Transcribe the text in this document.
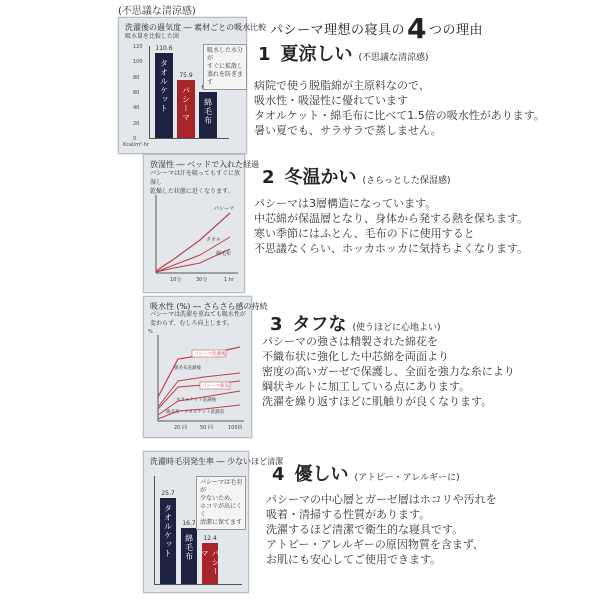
(不思議な清涼感)
パシーマ理想の寝具の4 つの理由
洗濯後の過気度 ― 素材ごとの吸水比較
吸水量を比較した図
120
100
80
60
40
20
0
タオルケット
110.6
パシーマ
75.9
綿毛布
吸水した水分が
すぐに拡散し
蒸れを防ぎます
Kcal/m²·hr
1 夏涼しい (不思議な清涼感)
病院で使う脱脂綿が主原料なので、
吸水性・吸湿性に優れています
タオルケット・綿毛布に比べて1.5倍の吸水性があります。
暑い夏でも、サラサラで蒸しません。
放湿性 ― ベッドで入れた経過
パシーマは汗を吸ってもすぐに放湿し
乾燥した状態に近くなります。
パシーマ
タオル
綿毛布
10分	30分	1 hr
2 冬温かい (さらっとした保湿感)
パシーマは3層構造になっています。
中芯綿が保温層となり、身体から発する熱を保ちます。
寒い季節にはふとん、毛布の下に使用すると
不思議なくらい、ホッカホッカに気持ちよくなります。
吸水性 (%) ― さらさら感の持続
パシーマは洗濯を重ねても吸水性が
変わらず、むしろ向上します。
%
パシーマ洗濯後
綿毛布洗濯後
パシーマ新品
タオルケット洗濯後
綿毛布・タオルケット洗濯前
20 回	50 回	100回
3 タフな (使うほどに心地よい)
パシーマの強さは精製された綿花を
不織布状に強化した中芯綿を両面より
密度の高いガーゼで保護し、全面を強力な糸により
綱状キルトに加工している点にあります。
洗濯を繰り返すほどに肌触りが良くなります。
洗濯時毛羽発生率 ― 少ないほど清潔
タオルケット
25.7
綿毛布
16.7
パシーマ
12.4
パシーマは毛羽が
少ないため、
ホコリが出にくく
清潔に保てます
4 優しい (アトピー・アレルギーに)
パシーマの中心層とガーゼ層はホコリや汚れを
吸着・清掃する性質があります。
洗濯するほど清潔で衛生的な寝具です。
アトピー・アレルギーの原因物質を含まず、
お肌にも安心してご使用できます。
